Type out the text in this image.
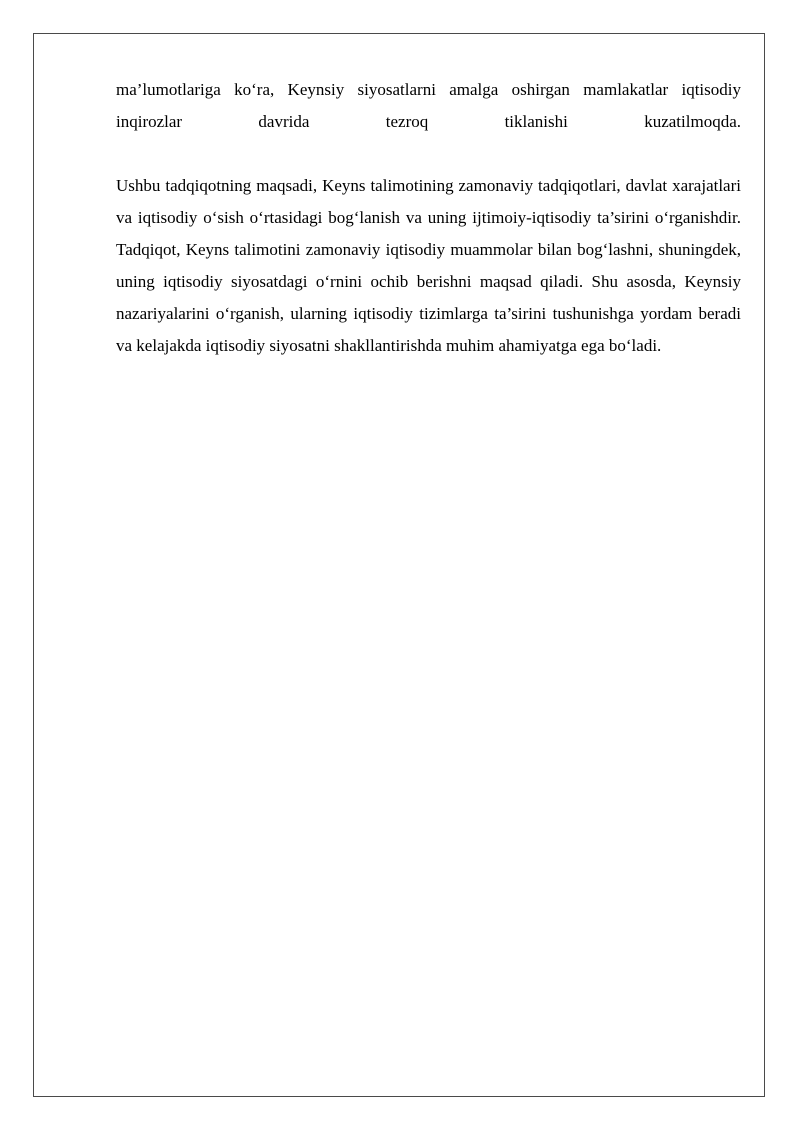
ma’lumotlariga ko‘ra, Keynsiy siyosatlarni amalga oshirgan mamlakatlar iqtisodiy inqirozlar davrida tezroq tiklanishi kuzatilmoqda.

Ushbu tadqiqotning maqsadi, Keyns talimotining zamonaviy tadqiqotlari, davlat xarajatlari va iqtisodiy o‘sish o‘rtasidagi bog‘lanish va uning ijtimoiy-iqtisodiy ta’sirini o‘rganishdir. Tadqiqot, Keyns talimotini zamonaviy iqtisodiy muammolar bilan bog‘lashni, shuningdek, uning iqtisodiy siyosatdagi o‘rnini ochib berishni maqsad qiladi. Shu asosda, Keynsiy nazariyalarini o‘rganish, ularning iqtisodiy tizimlarga ta’sirini tushunishga yordam beradi va kelajakda iqtisodiy siyosatni shakllantirishda muhim ahamiyatga ega bo‘ladi.
